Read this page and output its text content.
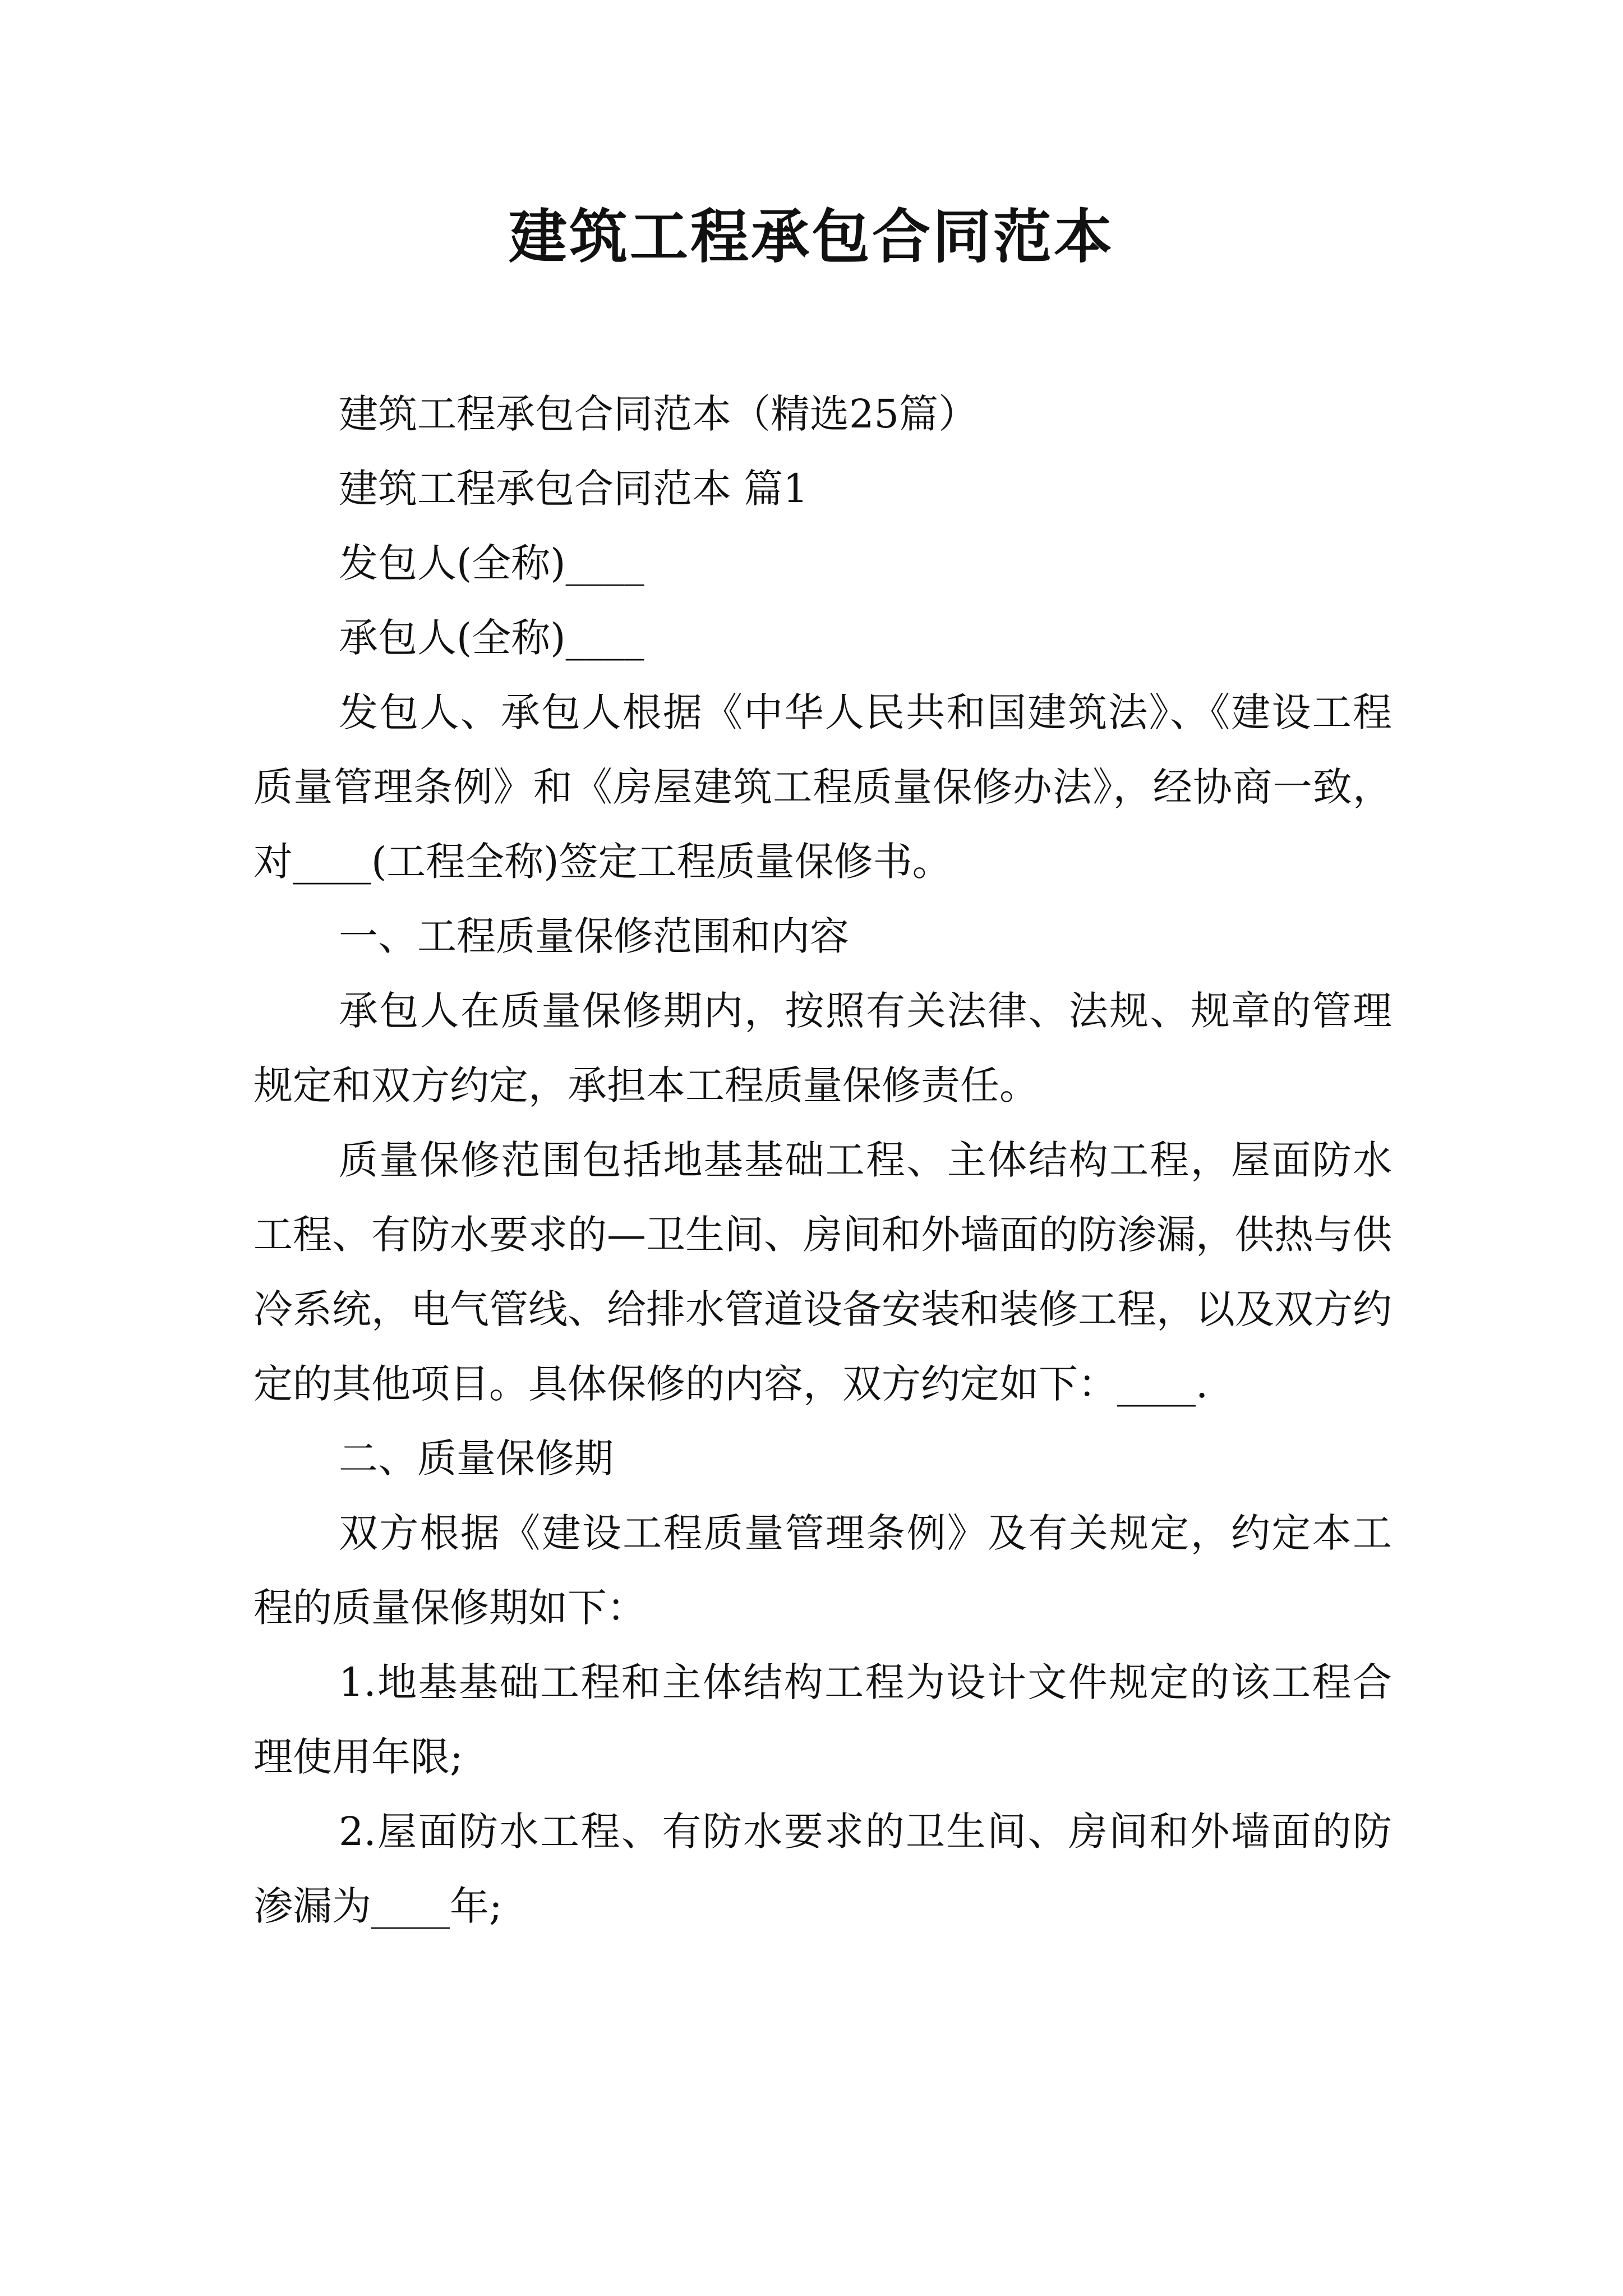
建筑工程承包合同范本

建筑工程承包合同范本（精选25篇）

建筑工程承包合同范本 篇1

发包人(全称)____

承包人(全称)____

发包人、承包人根据《中华人民共和国建筑法》、《建设工程质量管理条例》和《房屋建筑工程质量保修办法》，经协商一致，对____(工程全称)签定工程质量保修书。

一、工程质量保修范围和内容

承包人在质量保修期内，按照有关法律、法规、规章的管理规定和双方约定，承担本工程质量保修责任。

质量保修范围包括地基基础工程、主体结构工程，屋面防水工程、有防水要求的—卫生间、房间和外墙面的防渗漏，供热与供冷系统，电气管线、给排水管道设备安装和装修工程，以及双方约定的其他项目。具体保修的内容，双方约定如下：____.

二、质量保修期

双方根据《建设工程质量管理条例》及有关规定，约定本工程的质量保修期如下：

1.地基基础工程和主体结构工程为设计文件规定的该工程合理使用年限;

2.屋面防水工程、有防水要求的卫生间、房间和外墙面的防渗漏为____年;
